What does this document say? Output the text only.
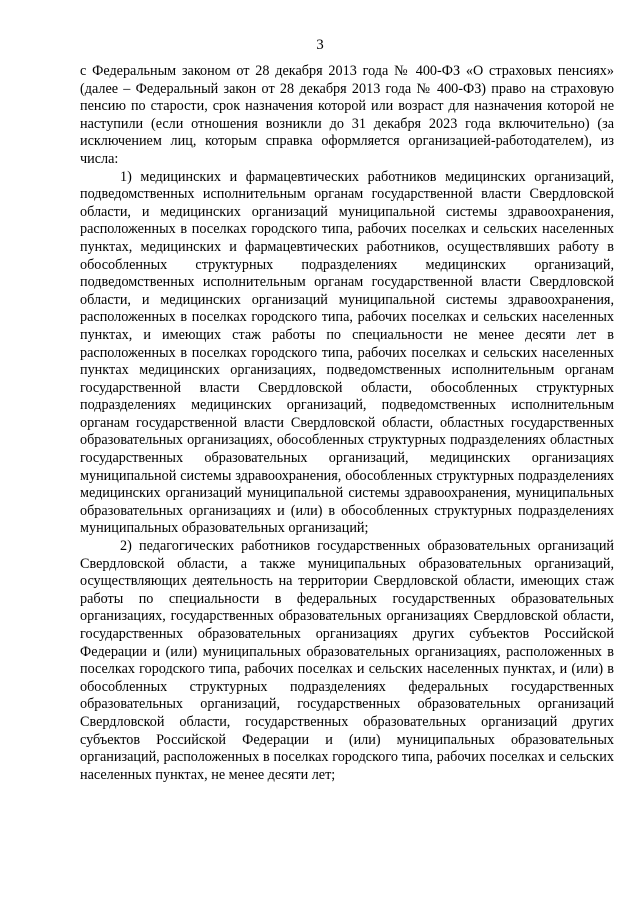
3

с Федеральным законом от 28 декабря 2013 года № 400-ФЗ «О страховых пенсиях» (далее – Федеральный закон от 28 декабря 2013 года № 400-ФЗ) право на страховую пенсию по старости, срок назначения которой или возраст для назначения которой не наступили (если отношения возникли до 31 декабря 2023 года включительно) (за исключением лиц, которым справка оформляется организацией-работодателем), из числа:

1) медицинских и фармацевтических работников медицинских организаций, подведомственных исполнительным органам государственной власти Свердловской области, и медицинских организаций муниципальной системы здравоохранения, расположенных в поселках городского типа, рабочих поселках и сельских населенных пунктах, медицинских и фармацевтических работников, осуществлявших работу в обособленных структурных подразделениях медицинских организаций, подведомственных исполнительным органам государственной власти Свердловской области, и медицинских организаций муниципальной системы здравоохранения, расположенных в поселках городского типа, рабочих поселках и сельских населенных пунктах, и имеющих стаж работы по специальности не менее десяти лет в расположенных в поселках городского типа, рабочих поселках и сельских населенных пунктах медицинских организациях, подведомственных исполнительным органам государственной власти Свердловской области, обособленных структурных подразделениях медицинских организаций, подведомственных исполнительным органам государственной власти Свердловской области, областных государственных образовательных организациях, обособленных структурных подразделениях областных государственных образовательных организаций, медицинских организациях муниципальной системы здравоохранения, обособленных структурных подразделениях медицинских организаций муниципальной системы здравоохранения, муниципальных образовательных организациях и (или) в обособленных структурных подразделениях муниципальных образовательных организаций;

2) педагогических работников государственных образовательных организаций Свердловской области, а также муниципальных образовательных организаций, осуществляющих деятельность на территории Свердловской области, имеющих стаж работы по специальности в федеральных государственных образовательных организациях, государственных образовательных организациях Свердловской области, государственных образовательных организациях других субъектов Российской Федерации и (или) муниципальных образовательных организациях, расположенных в поселках городского типа, рабочих поселках и сельских населенных пунктах, и (или) в обособленных структурных подразделениях федеральных государственных образовательных организаций, государственных образовательных организаций Свердловской области, государственных образовательных организаций других субъектов Российской Федерации и (или) муниципальных образовательных организаций, расположенных в поселках городского типа, рабочих поселках и сельских населенных пунктах, не менее десяти лет;
